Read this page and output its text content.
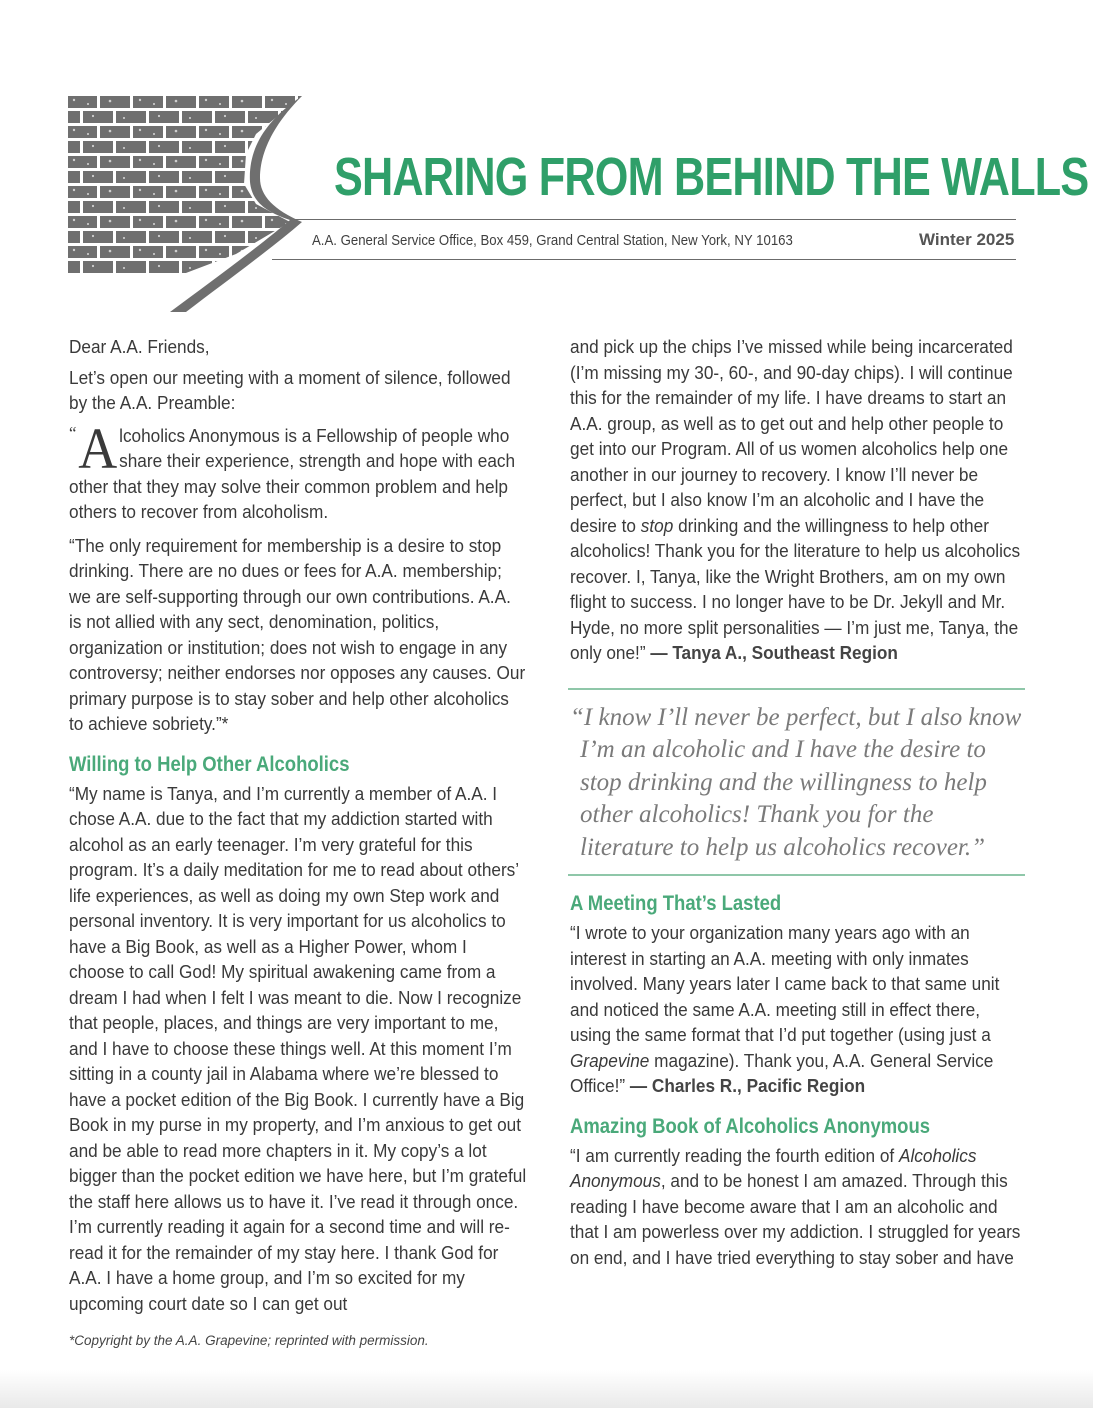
SHARING FROM BEHIND THE WALLS
A.A. General Service Office, Box 459, Grand Central Station, New York, NY 10163	Winter 2025

Dear A.A. Friends,

Let’s open our meeting with a moment of silence, followed by the A.A. Preamble:

“ A lcoholics Anonymous is a Fellowship of people who share their experience, strength and hope with each other that they may solve their common problem and help others to recover from alcoholism.

“The only requirement for membership is a desire to stop drinking. There are no dues or fees for A.A. membership; we are self-supporting through our own contributions. A.A. is not allied with any sect, denomination, politics, organization or institution; does not wish to engage in any controversy; neither endorses nor opposes any causes. Our primary purpose is to stay sober and help other alcoholics to achieve sobriety.”*

Willing to Help Other Alcoholics

“My name is Tanya, and I’m currently a member of A.A. I chose A.A. due to the fact that my addiction started with alcohol as an early teenager. I’m very grateful for this program. It’s a daily meditation for me to read about others’ life experiences, as well as doing my own Step work and personal inventory. It is very important for us alcoholics to have a Big Book, as well as a Higher Power, whom I choose to call God! My spiritual awakening came from a dream I had when I felt I was meant to die. Now I recognize that people, places, and things are very important to me, and I have to choose these things well. At this moment I’m sitting in a county jail in Alabama where we’re blessed to have a pocket edition of the Big Book. I currently have a Big Book in my purse in my property, and I’m anxious to get out and be able to read more chapters in it. My copy’s a lot bigger than the pocket edition we have here, but I’m grateful the staff here allows us to have it. I’ve read it through once. I’m currently reading it again for a second time and will re-read it for the remainder of my stay here. I thank God for A.A. I have a home group, and I’m so excited for my upcoming court date so I can get out

and pick up the chips I’ve missed while being incarcerated (I’m missing my 30-, 60-, and 90-day chips). I will continue this for the remainder of my life. I have dreams to start an A.A. group, as well as to get out and help other people to get into our Program. All of us women alcoholics help one another in our journey to recovery. I know I’ll never be perfect, but I also know I’m an alcoholic and I have the desire to stop drinking and the willingness to help other alcoholics! Thank you for the literature to help us alcoholics recover. I, Tanya, like the Wright Brothers, am on my own flight to success. I no longer have to be Dr. Jekyll and Mr. Hyde, no more split personalities — I’m just me, Tanya, the only one!” — Tanya A., Southeast Region

“I know I’ll never be perfect, but I also know
I’m an alcoholic and I have the desire to stop drinking and the willingness to help other alcoholics! Thank you for the literature to help us alcoholics recover.”
A Meeting That’s Lasted

“I wrote to your organization many years ago with an interest in starting an A.A. meeting with only inmates involved. Many years later I came back to that same unit and noticed the same A.A. meeting still in effect there, using the same format that I’d put together (using just a Grapevine magazine). Thank you, A.A. General Service Office!” — Charles R., Pacific Region

Amazing Book of Alcoholics Anonymous

“I am currently reading the fourth edition of Alcoholics Anonymous, and to be honest I am amazed. Through this reading I have become aware that I am an alcoholic and that I am powerless over my addiction. I struggled for years on end, and I have tried everything to stay sober and have

*Copyright by the A.A. Grapevine; reprinted with permission.
